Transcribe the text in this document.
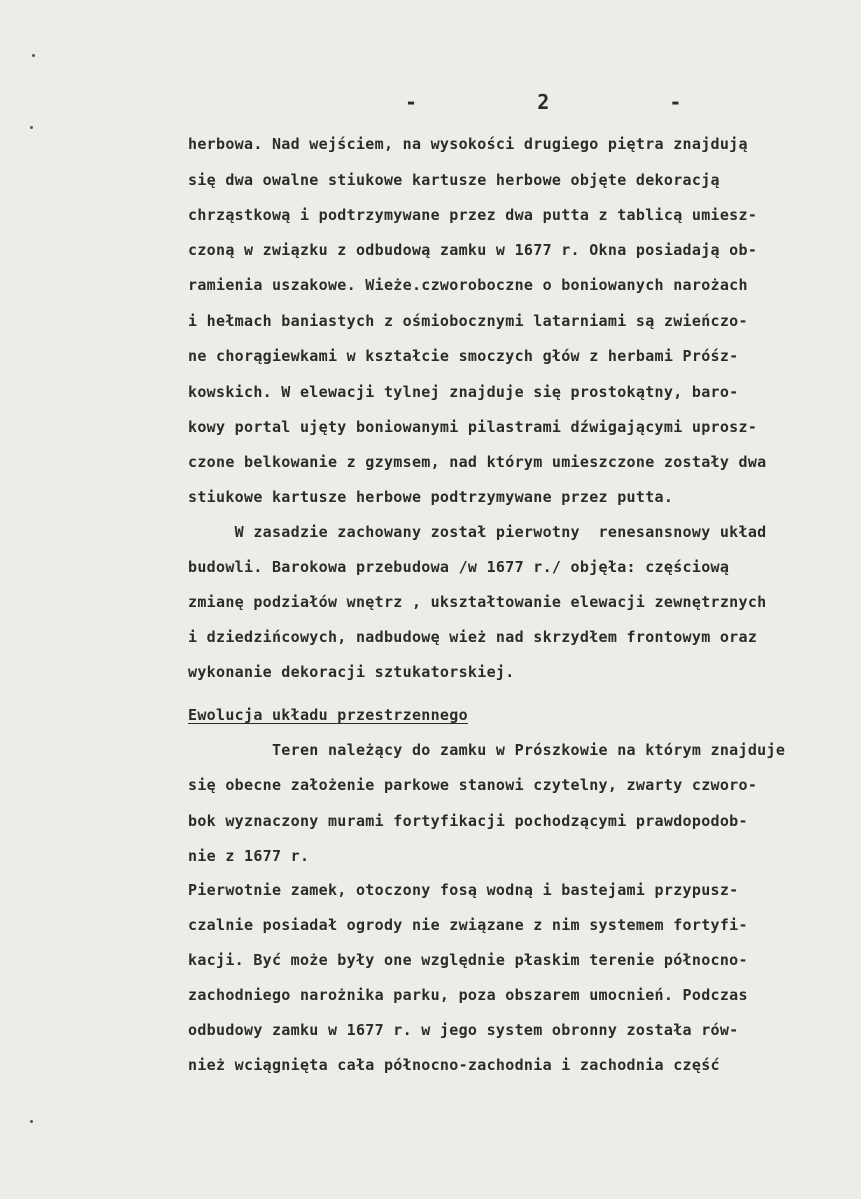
-    2    -
herbowa. Nad wejściem, na wysokości drugiego piętra znajdują
się dwa owalne stiukowe kartusze herbowe objęte dekoracją
chrząstkową i podtrzymywane przez dwa putta z tablicą umiesz-
czoną w związku z odbudową zamku w 1677 r. Okna posiadają ob-
ramienia uszakowe. Wieże.czworoboczne o boniowanych narożach
i hełmach baniastych z ośmiobocznymi latarniami są zwieńczo-
ne chorągiewkami w kształcie smoczych głów z herbami Próśz-
kowskich. W elewacji tylnej znajduje się prostokątny, baro-
kowy portal ujęty boniowanymi pilastrami dźwigającymi uprosz-
czone belkowanie z gzymsem, nad którym umieszczone zostały dwa
stiukowe kartusze herbowe podtrzymywane przez putta.
W zasadzie zachowany został pierwotny  renesansnowy układ
budowli. Barokowa przebudowa /w 1677 r./ objęła: częściową
zmianę podziałów wnętrz , ukształtowanie elewacji zewnętrznych
i dziedzińcowych, nadbudowę wież nad skrzydłem frontowym oraz
wykonanie dekoracji sztukatorskiej.
Ewolucja układu przestrzennego
Teren należący do zamku w Prószkowie na którym znajduje
się obecne założenie parkowe stanowi czytelny, zwarty czworo-
bok wyznaczony murami fortyfikacji pochodzącymi prawdopodob-
nie z 1677 r.
Pierwotnie zamek, otoczony fosą wodną i bastejami przypusz-
czalnie posiadał ogrody nie związane z nim systemem fortyfi-
kacji. Być może były one względnie płaskim terenie północno-
zachodniego narożnika parku, poza obszarem umocnień. Podczas
odbudowy zamku w 1677 r. w jego system obronny została rów-
nież wciągnięta cała północno-zachodnia i zachodnia część
